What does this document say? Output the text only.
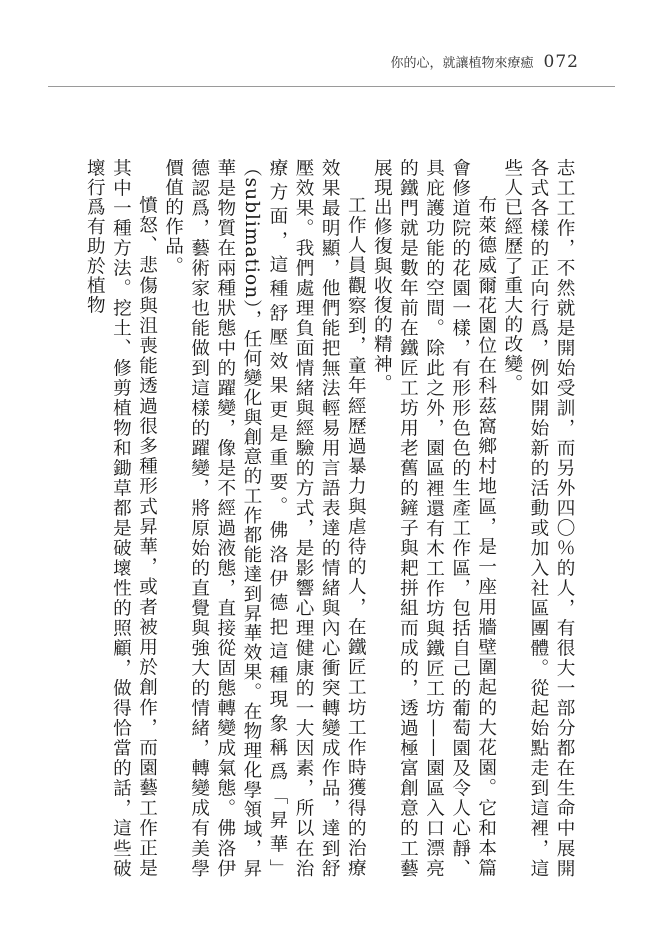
你的心，就讓植物來療癒 072

志工工作，不然就是開始受訓，而另外四〇％的人，有很大一部分都在生命中展開各式各樣的正向行爲，例如開始新的活動或加入社區團體。從起始點走到這裡，這些人已經歷了重大的改變。

布萊德威爾花園位在科茲窩鄉村地區，是一座用牆壁圍起的大花園。它和本篇會修道院的花園一樣，有形形色色的生產工作區，包括自己的葡萄園及令人心靜、具庇護功能的空間。除此之外，園區裡還有木工作坊與鐵匠工坊——園區入口漂亮的鐵門就是數年前在鐵匠工坊用老舊的鏟子與耙拼組而成的，透過極富創意的工藝展現出修復與收復的精神。

工作人員觀察到，童年經歷過暴力與虐待的人，在鐵匠工坊工作時獲得的治療效果最明顯，他們能把無法輕易用言語表達的情緒與內心衝突轉變成作品，達到舒壓效果。我們處理負面情緒與經驗的方式，是影響心理健康的一大因素，所以在治療方面，這種舒壓效果更是重要。佛洛伊德把這種現象稱爲「昇華」（sublimation），任何變化與創意的工作都能達到昇華效果。在物理化學領域，昇華是物質在兩種狀態中的躍變，像是不經過液態，直接從固態轉變成氣態。佛洛伊德認爲，藝術家也能做到這樣的躍變，將原始的直覺與強大的情緒，轉變成有美學價值的作品。

憤怒、悲傷與沮喪能透過很多種形式昇華，或者被用於創作，而園藝工作正是其中一種方法。挖土、修剪植物和鋤草都是破壞性的照顧，做得恰當的話，這些破壞行爲有助於植物
